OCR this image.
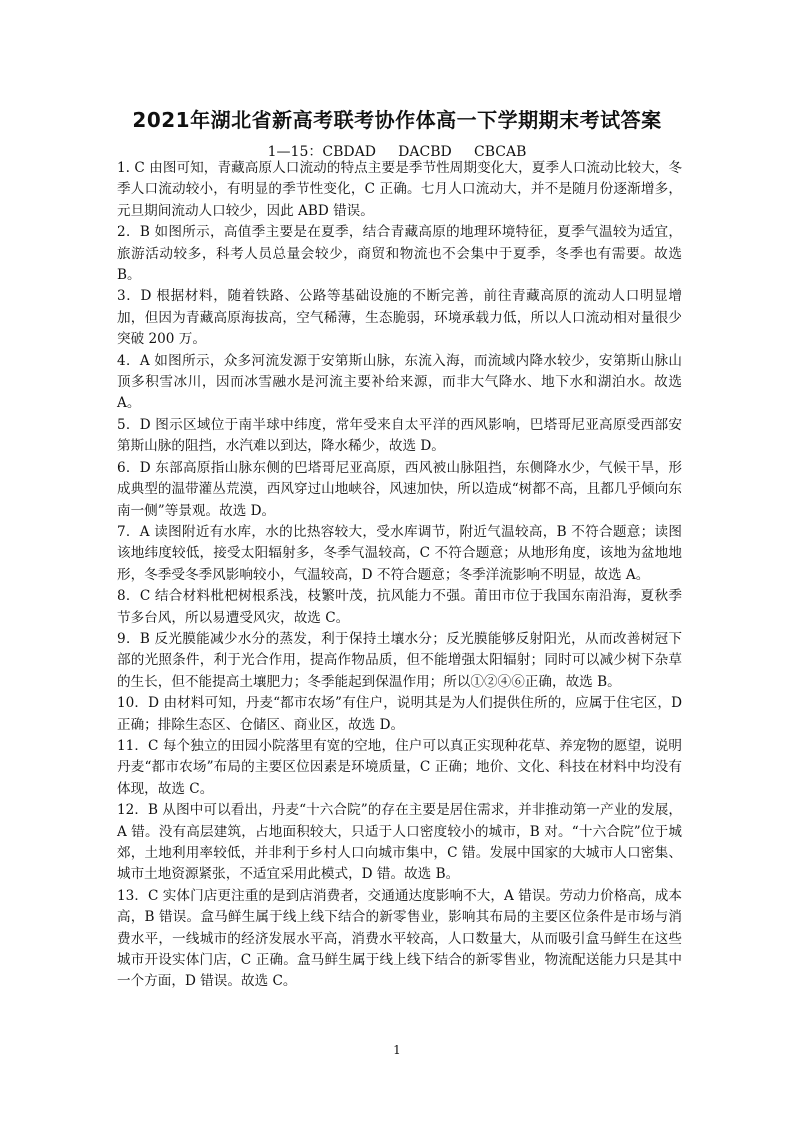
2021年湖北省新高考联考协作体高一下学期期末考试答案
1—15：CBDAD     DACBD     CBCAB

1. C 由图可知，青藏高原人口流动的特点主要是季节性周期变化大，夏季人口流动比较大，冬季人口流动较小，有明显的季节性变化，C 正确。七月人口流动大，并不是随月份逐渐增多，元旦期间流动人口较少，因此 ABD 错误。

2．B 如图所示，高值季主要是在夏季，结合青藏高原的地理环境特征，夏季气温较为适宜，旅游活动较多，科考人员总量会较少，商贸和物流也不会集中于夏季，冬季也有需要。故选 B。

3．D 根据材料，随着铁路、公路等基础设施的不断完善，前往青藏高原的流动人口明显增加，但因为青藏高原海拔高，空气稀薄，生态脆弱，环境承载力低，所以人口流动相对量很少突破 200 万。

4．A 如图所示，众多河流发源于安第斯山脉，东流入海，而流域内降水较少，安第斯山脉山顶多积雪冰川，因而冰雪融水是河流主要补给来源，而非大气降水、地下水和湖泊水。故选 A。

5．D 图示区域位于南半球中纬度，常年受来自太平洋的西风影响，巴塔哥尼亚高原受西部安第斯山脉的阻挡，水汽难以到达，降水稀少，故选 D。

6．D 东部高原指山脉东侧的巴塔哥尼亚高原，西风被山脉阻挡，东侧降水少，气候干旱，形成典型的温带灌丛荒漠，西风穿过山地峡谷，风速加快，所以造成“树都不高，且都几乎倾向东南一侧”等景观。故选 D。

7．A 读图附近有水库，水的比热容较大，受水库调节，附近气温较高，B 不符合题意；读图该地纬度较低，接受太阳辐射多，冬季气温较高，C 不符合题意；从地形角度，该地为盆地地形，冬季受冬季风影响较小，气温较高，D 不符合题意；冬季洋流影响不明显，故选 A。

8．C 结合材料枇杷树根系浅，枝繁叶茂，抗风能力不强。莆田市位于我国东南沿海，夏秋季节多台风，所以易遭受风灾，故选 C。

9．B 反光膜能减少水分的蒸发，利于保持土壤水分；反光膜能够反射阳光，从而改善树冠下部的光照条件，利于光合作用，提高作物品质，但不能增强太阳辐射；同时可以减少树下杂草的生长，但不能提高土壤肥力；冬季能起到保温作用；所以①②④⑥正确，故选 B。

10．D 由材料可知，丹麦“都市农场”有住户，说明其是为人们提供住所的，应属于住宅区，D 正确；排除生态区、仓储区、商业区，故选 D。

11．C 每个独立的田园小院落里有宽的空地，住户可以真正实现种花草、养宠物的愿望，说明丹麦“都市农场”布局的主要区位因素是环境质量，C 正确；地价、文化、科技在材料中均没有体现，故选 C。

12．B 从图中可以看出，丹麦“十六合院”的存在主要是居住需求，并非推动第一产业的发展，A 错。没有高层建筑，占地面积较大，只适于人口密度较小的城市，B 对。“十六合院”位于城郊，土地利用率较低，并非利于乡村人口向城市集中，C 错。发展中国家的大城市人口密集、城市土地资源紧张，不适宜采用此模式，D 错。故选 B。

13．C 实体门店更注重的是到店消费者，交通通达度影响不大，A 错误。劳动力价格高，成本高，B 错误。盒马鲜生属于线上线下结合的新零售业，影响其布局的主要区位条件是市场与消费水平，一线城市的经济发展水平高，消费水平较高，人口数量大，从而吸引盒马鲜生在这些城市开设实体门店，C 正确。盒马鲜生属于线上线下结合的新零售业，物流配送能力只是其中一个方面，D 错误。故选 C。

1
